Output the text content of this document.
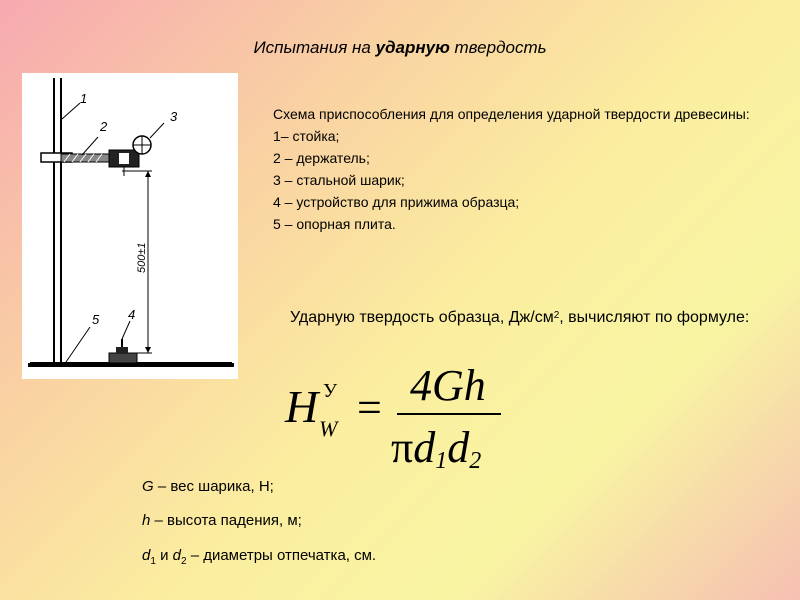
Испытания на ударную твердость
500±1
1
2
3
4
5
Схема приспособления для определения ударной твердости древесины:
1– стойка;
2 – держатель;
3 – стальной шарик;
4 – устройство для прижима образца;
5 – опорная плита.
Ударную твердость образца, $Дж/см^2$, вычисляют по формуле:
H У
W = 4Gh
$\pi d_1d_2$
G – вес шарика, Н;
h – высота падения, м;
$d_1$ и $d_2$ – диаметры отпечатка, см.
